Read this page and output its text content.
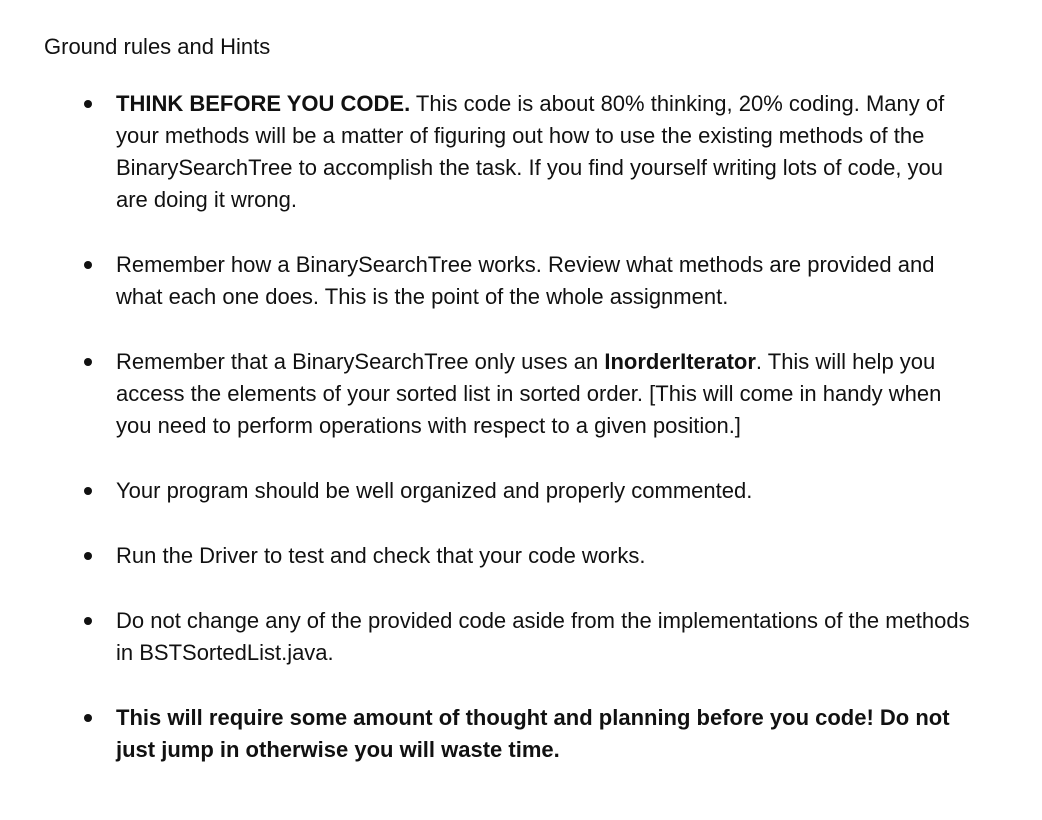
Ground rules and Hints
THINK BEFORE YOU CODE. This code is about 80% thinking, 20% coding. Many of your methods will be a matter of figuring out how to use the existing methods of the BinarySearchTree to accomplish the task. If you find yourself writing lots of code, you are doing it wrong.
Remember how a BinarySearchTree works. Review what methods are provided and what each one does. This is the point of the whole assignment.
Remember that a BinarySearchTree only uses an InorderIterator. This will help you access the elements of your sorted list in sorted order. [This will come in handy when you need to perform operations with respect to a given position.]
Your program should be well organized and properly commented.
Run the Driver to test and check that your code works.
Do not change any of the provided code aside from the implementations of the methods in BSTSortedList.java.
This will require some amount of thought and planning before you code! Do not just jump in otherwise you will waste time.
